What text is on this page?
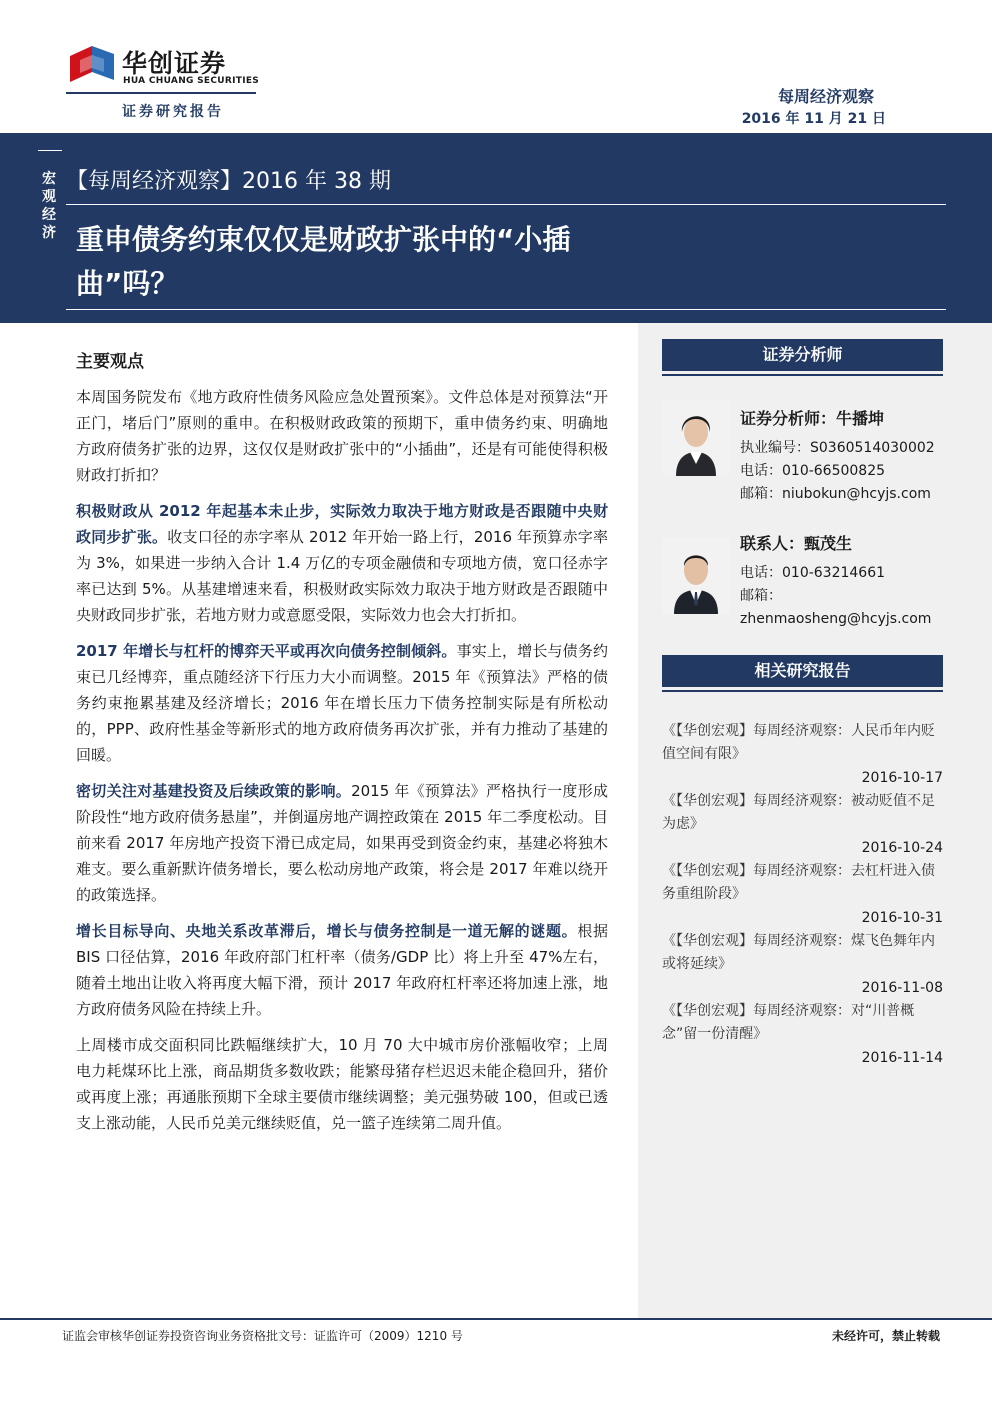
华创证券
HUA CHUANG SECURITIES
证券研究报告
每周经济观察
2016 年 11 月 21 日
宏观经济
【每周经济观察】2016 年 38 期
重申债务约束仅仅是财政扩张中的“小插曲”吗？
主要观点

本周国务院发布《地方政府性债务风险应急处置预案》。文件总体是对预算法“开正门，堵后门”原则的重申。在积极财政政策的预期下，重申债务约束、明确地方政府债务扩张的边界，这仅仅是财政扩张中的“小插曲”，还是有可能使得积极财政打折扣？

积极财政从 2012 年起基本未止步，实际效力取决于地方财政是否跟随中央财政同步扩张。收支口径的赤字率从 2012 年开始一路上行，2016 年预算赤字率为 3%，如果进一步纳入合计 1.4 万亿的专项金融债和专项地方债，宽口径赤字率已达到 5%。从基建增速来看，积极财政实际效力取决于地方财政是否跟随中央财政同步扩张，若地方财力或意愿受限，实际效力也会大打折扣。

2017 年增长与杠杆的博弈天平或再次向债务控制倾斜。事实上，增长与债务约束已几经博弈，重点随经济下行压力大小而调整。2015 年《预算法》严格的债务约束拖累基建及经济增长；2016 年在增长压力下债务控制实际是有所松动的，PPP、政府性基金等新形式的地方政府债务再次扩张，并有力推动了基建的回暖。

密切关注对基建投资及后续政策的影响。2015 年《预算法》严格执行一度形成阶段性“地方政府债务悬崖”，并倒逼房地产调控政策在 2015 年二季度松动。目前来看 2017 年房地产投资下滑已成定局，如果再受到资金约束，基建必将独木难支。要么重新默许债务增长，要么松动房地产政策，将会是 2017 年难以绕开的政策选择。

增长目标导向、央地关系改革滞后，增长与债务控制是一道无解的谜题。根据 BIS 口径估算，2016 年政府部门杠杆率（债务/GDP 比）将上升至 47%左右，随着土地出让收入将再度大幅下滑，预计 2017 年政府杠杆率还将加速上涨，地方政府债务风险在持续上升。

上周楼市成交面积同比跌幅继续扩大，10 月 70 大中城市房价涨幅收窄；上周电力耗煤环比上涨，商品期货多数收跌；能繁母猪存栏迟迟未能企稳回升，猪价或再度上涨；再通胀预期下全球主要债市继续调整；美元强势破 100，但或已透支上涨动能，人民币兑美元继续贬值，兑一篮子连续第二周升值。

证券分析师
证券分析师：牛播坤
执业编号：S0360514030002
电话：010-66500825
邮箱：niubokun@hcyjs.com
联系人：甄茂生
电话：010-63214661
邮箱：
zhenmaosheng@hcyjs.com
相关研究报告
《【华创宏观】每周经济观察：人民币年内贬值空间有限》
2016-10-17
《【华创宏观】每周经济观察：被动贬值不足为虑》
2016-10-24
《【华创宏观】每周经济观察：去杠杆进入债务重组阶段》
2016-10-31
《【华创宏观】每周经济观察：煤飞色舞年内或将延续》
2016-11-08
《【华创宏观】每周经济观察：对“川普概念”留一份清醒》
2016-11-14
证监会审核华创证券投资咨询业务资格批文号：证监许可（2009）1210 号	未经许可，禁止转载
